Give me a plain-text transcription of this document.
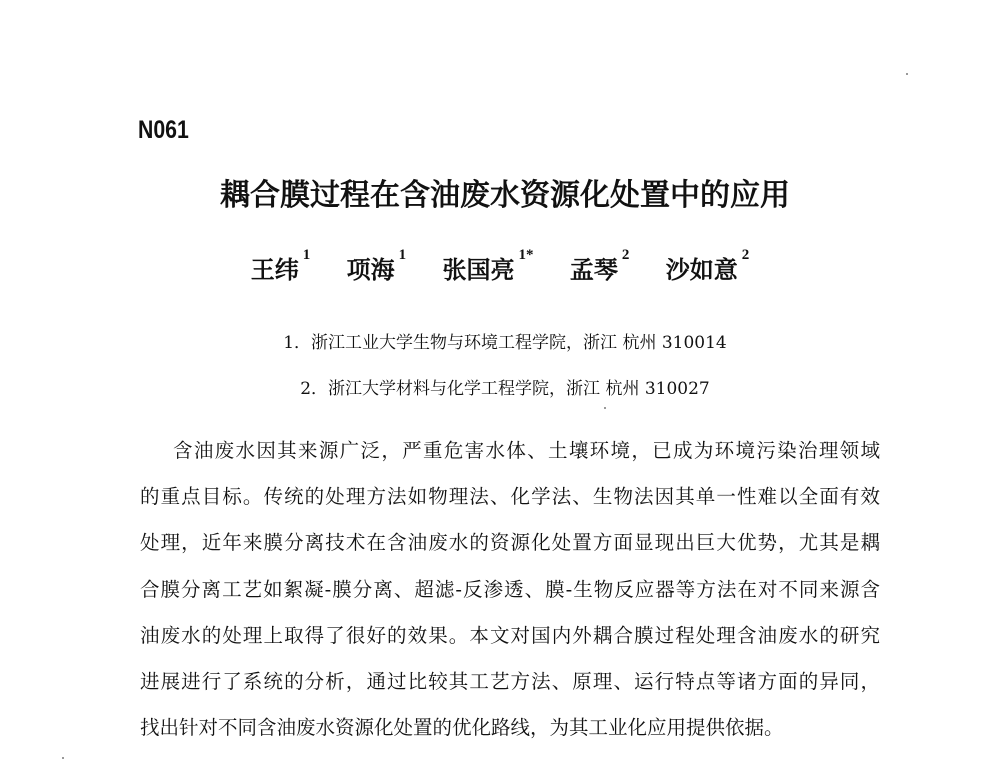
N061
耦合膜过程在含油废水资源化处置中的应用
王纬$^1$ 项海$^1$ 张国亮$^{1*}$ 孟琴$^2$ 沙如意$^2$
1．浙江工业大学生物与环境工程学院，浙江 杭州 310014
2．浙江大学材料与化学工程学院，浙江 杭州 310027
含油废水因其来源广泛，严重危害水体、土壤环境，已成为环境污染治理领域
的重点目标。传统的处理方法如物理法、化学法、生物法因其单一性难以全面有效
处理，近年来膜分离技术在含油废水的资源化处置方面显现出巨大优势，尤其是耦
合膜分离工艺如絮凝-膜分离、超滤-反渗透、膜-生物反应器等方法在对不同来源含
油废水的处理上取得了很好的效果。本文对国内外耦合膜过程处理含油废水的研究
进展进行了系统的分析，通过比较其工艺方法、原理、运行特点等诸方面的异同，
找出针对不同含油废水资源化处置的优化路线，为其工业化应用提供依据。
